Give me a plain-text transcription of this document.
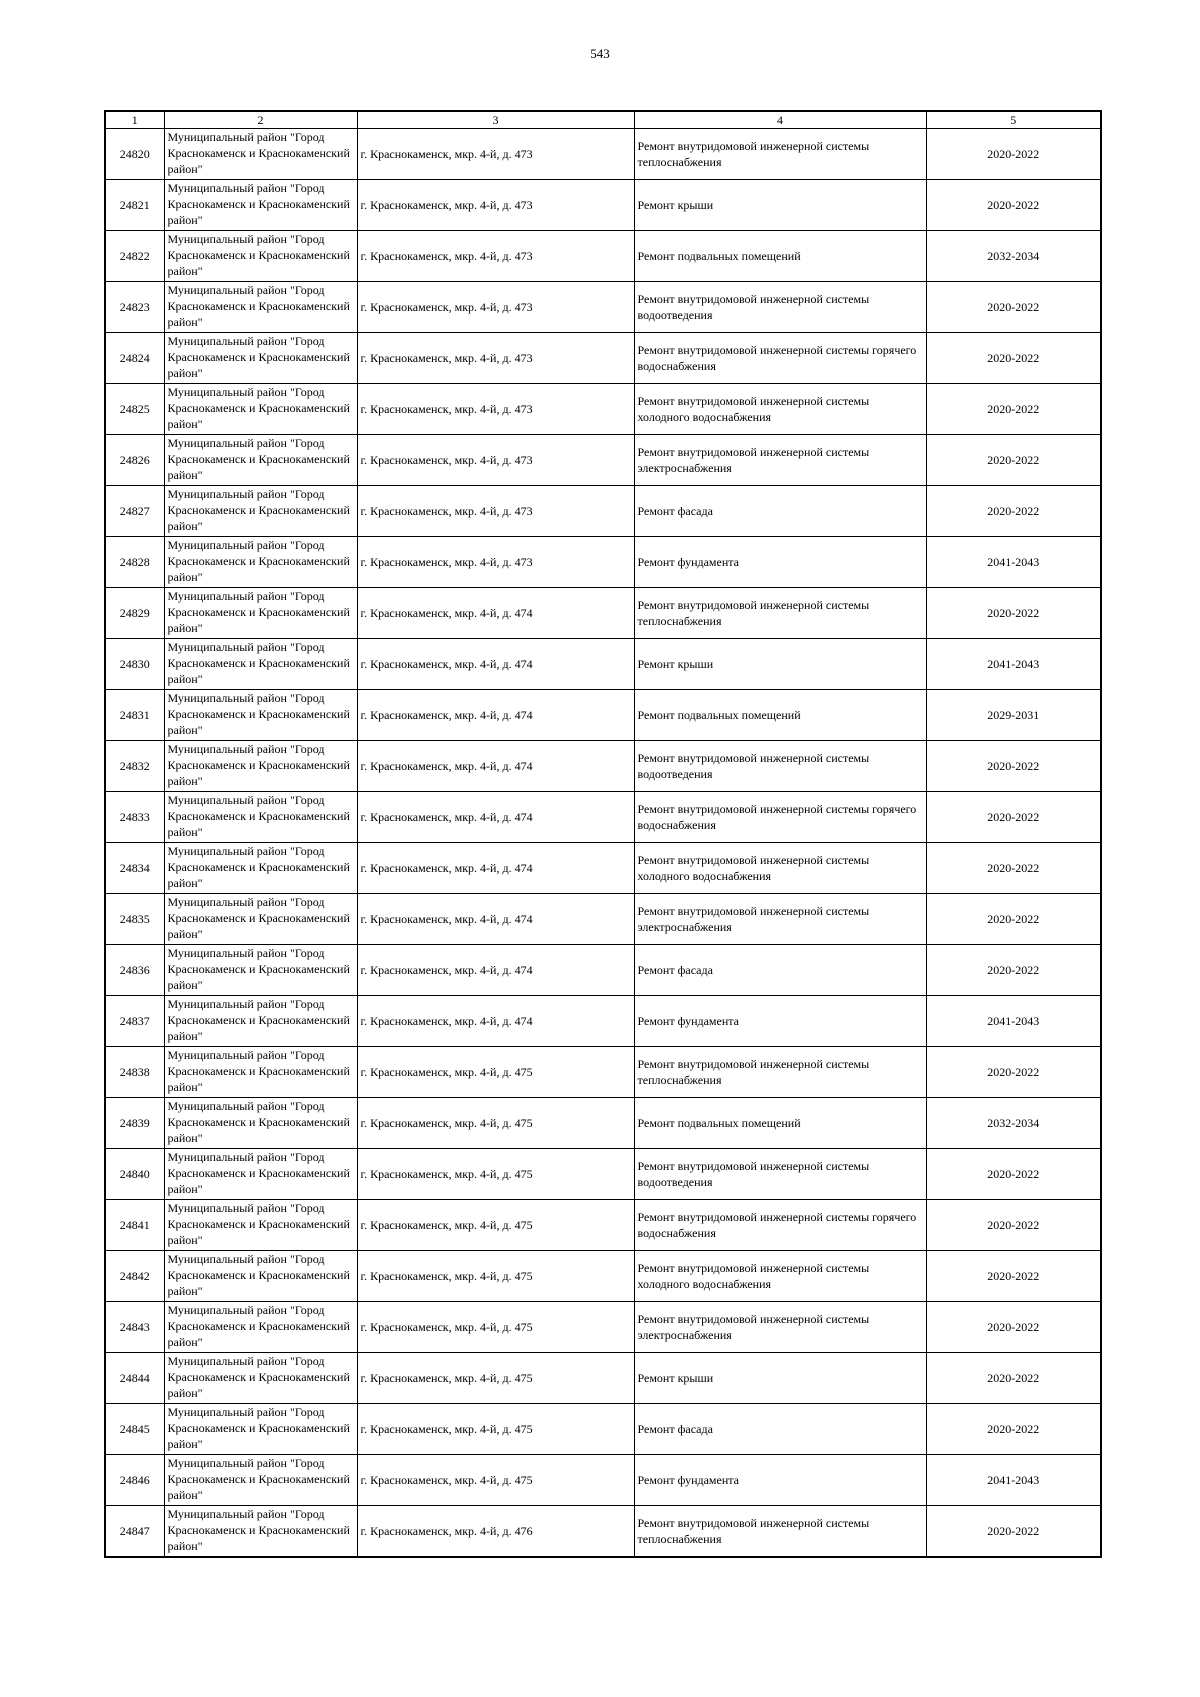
543
1	2	3	4	5
24820	Муниципальный район "Город Краснокаменск и Краснокаменский район"	г. Краснокаменск, мкр. 4-й, д. 473	Ремонт внутридомовой инженерной системы теплоснабжения	2020-2022
24821	Муниципальный район "Город Краснокаменск и Краснокаменский район"	г. Краснокаменск, мкр. 4-й, д. 473	Ремонт крыши	2020-2022
24822	Муниципальный район "Город Краснокаменск и Краснокаменский район"	г. Краснокаменск, мкр. 4-й, д. 473	Ремонт подвальных помещений	2032-2034
24823	Муниципальный район "Город Краснокаменск и Краснокаменский район"	г. Краснокаменск, мкр. 4-й, д. 473	Ремонт внутридомовой инженерной системы водоотведения	2020-2022
24824	Муниципальный район "Город Краснокаменск и Краснокаменский район"	г. Краснокаменск, мкр. 4-й, д. 473	Ремонт внутридомовой инженерной системы горячего водоснабжения	2020-2022
24825	Муниципальный район "Город Краснокаменск и Краснокаменский район"	г. Краснокаменск, мкр. 4-й, д. 473	Ремонт внутридомовой инженерной системы холодного водоснабжения	2020-2022
24826	Муниципальный район "Город Краснокаменск и Краснокаменский район"	г. Краснокаменск, мкр. 4-й, д. 473	Ремонт внутридомовой инженерной системы электроснабжения	2020-2022
24827	Муниципальный район "Город Краснокаменск и Краснокаменский район"	г. Краснокаменск, мкр. 4-й, д. 473	Ремонт фасада	2020-2022
24828	Муниципальный район "Город Краснокаменск и Краснокаменский район"	г. Краснокаменск, мкр. 4-й, д. 473	Ремонт фундамента	2041-2043
24829	Муниципальный район "Город Краснокаменск и Краснокаменский район"	г. Краснокаменск, мкр. 4-й, д. 474	Ремонт внутридомовой инженерной системы теплоснабжения	2020-2022
24830	Муниципальный район "Город Краснокаменск и Краснокаменский район"	г. Краснокаменск, мкр. 4-й, д. 474	Ремонт крыши	2041-2043
24831	Муниципальный район "Город Краснокаменск и Краснокаменский район"	г. Краснокаменск, мкр. 4-й, д. 474	Ремонт подвальных помещений	2029-2031
24832	Муниципальный район "Город Краснокаменск и Краснокаменский район"	г. Краснокаменск, мкр. 4-й, д. 474	Ремонт внутридомовой инженерной системы водоотведения	2020-2022
24833	Муниципальный район "Город Краснокаменск и Краснокаменский район"	г. Краснокаменск, мкр. 4-й, д. 474	Ремонт внутридомовой инженерной системы горячего водоснабжения	2020-2022
24834	Муниципальный район "Город Краснокаменск и Краснокаменский район"	г. Краснокаменск, мкр. 4-й, д. 474	Ремонт внутридомовой инженерной системы холодного водоснабжения	2020-2022
24835	Муниципальный район "Город Краснокаменск и Краснокаменский район"	г. Краснокаменск, мкр. 4-й, д. 474	Ремонт внутридомовой инженерной системы электроснабжения	2020-2022
24836	Муниципальный район "Город Краснокаменск и Краснокаменский район"	г. Краснокаменск, мкр. 4-й, д. 474	Ремонт фасада	2020-2022
24837	Муниципальный район "Город Краснокаменск и Краснокаменский район"	г. Краснокаменск, мкр. 4-й, д. 474	Ремонт фундамента	2041-2043
24838	Муниципальный район "Город Краснокаменск и Краснокаменский район"	г. Краснокаменск, мкр. 4-й, д. 475	Ремонт внутридомовой инженерной системы теплоснабжения	2020-2022
24839	Муниципальный район "Город Краснокаменск и Краснокаменский район"	г. Краснокаменск, мкр. 4-й, д. 475	Ремонт подвальных помещений	2032-2034
24840	Муниципальный район "Город Краснокаменск и Краснокаменский район"	г. Краснокаменск, мкр. 4-й, д. 475	Ремонт внутридомовой инженерной системы водоотведения	2020-2022
24841	Муниципальный район "Город Краснокаменск и Краснокаменский район"	г. Краснокаменск, мкр. 4-й, д. 475	Ремонт внутридомовой инженерной системы горячего водоснабжения	2020-2022
24842	Муниципальный район "Город Краснокаменск и Краснокаменский район"	г. Краснокаменск, мкр. 4-й, д. 475	Ремонт внутридомовой инженерной системы холодного водоснабжения	2020-2022
24843	Муниципальный район "Город Краснокаменск и Краснокаменский район"	г. Краснокаменск, мкр. 4-й, д. 475	Ремонт внутридомовой инженерной системы электроснабжения	2020-2022
24844	Муниципальный район "Город Краснокаменск и Краснокаменский район"	г. Краснокаменск, мкр. 4-й, д. 475	Ремонт крыши	2020-2022
24845	Муниципальный район "Город Краснокаменск и Краснокаменский район"	г. Краснокаменск, мкр. 4-й, д. 475	Ремонт фасада	2020-2022
24846	Муниципальный район "Город Краснокаменск и Краснокаменский район"	г. Краснокаменск, мкр. 4-й, д. 475	Ремонт фундамента	2041-2043
24847	Муниципальный район "Город Краснокаменск и Краснокаменский район"	г. Краснокаменск, мкр. 4-й, д. 476	Ремонт внутридомовой инженерной системы теплоснабжения	2020-2022
